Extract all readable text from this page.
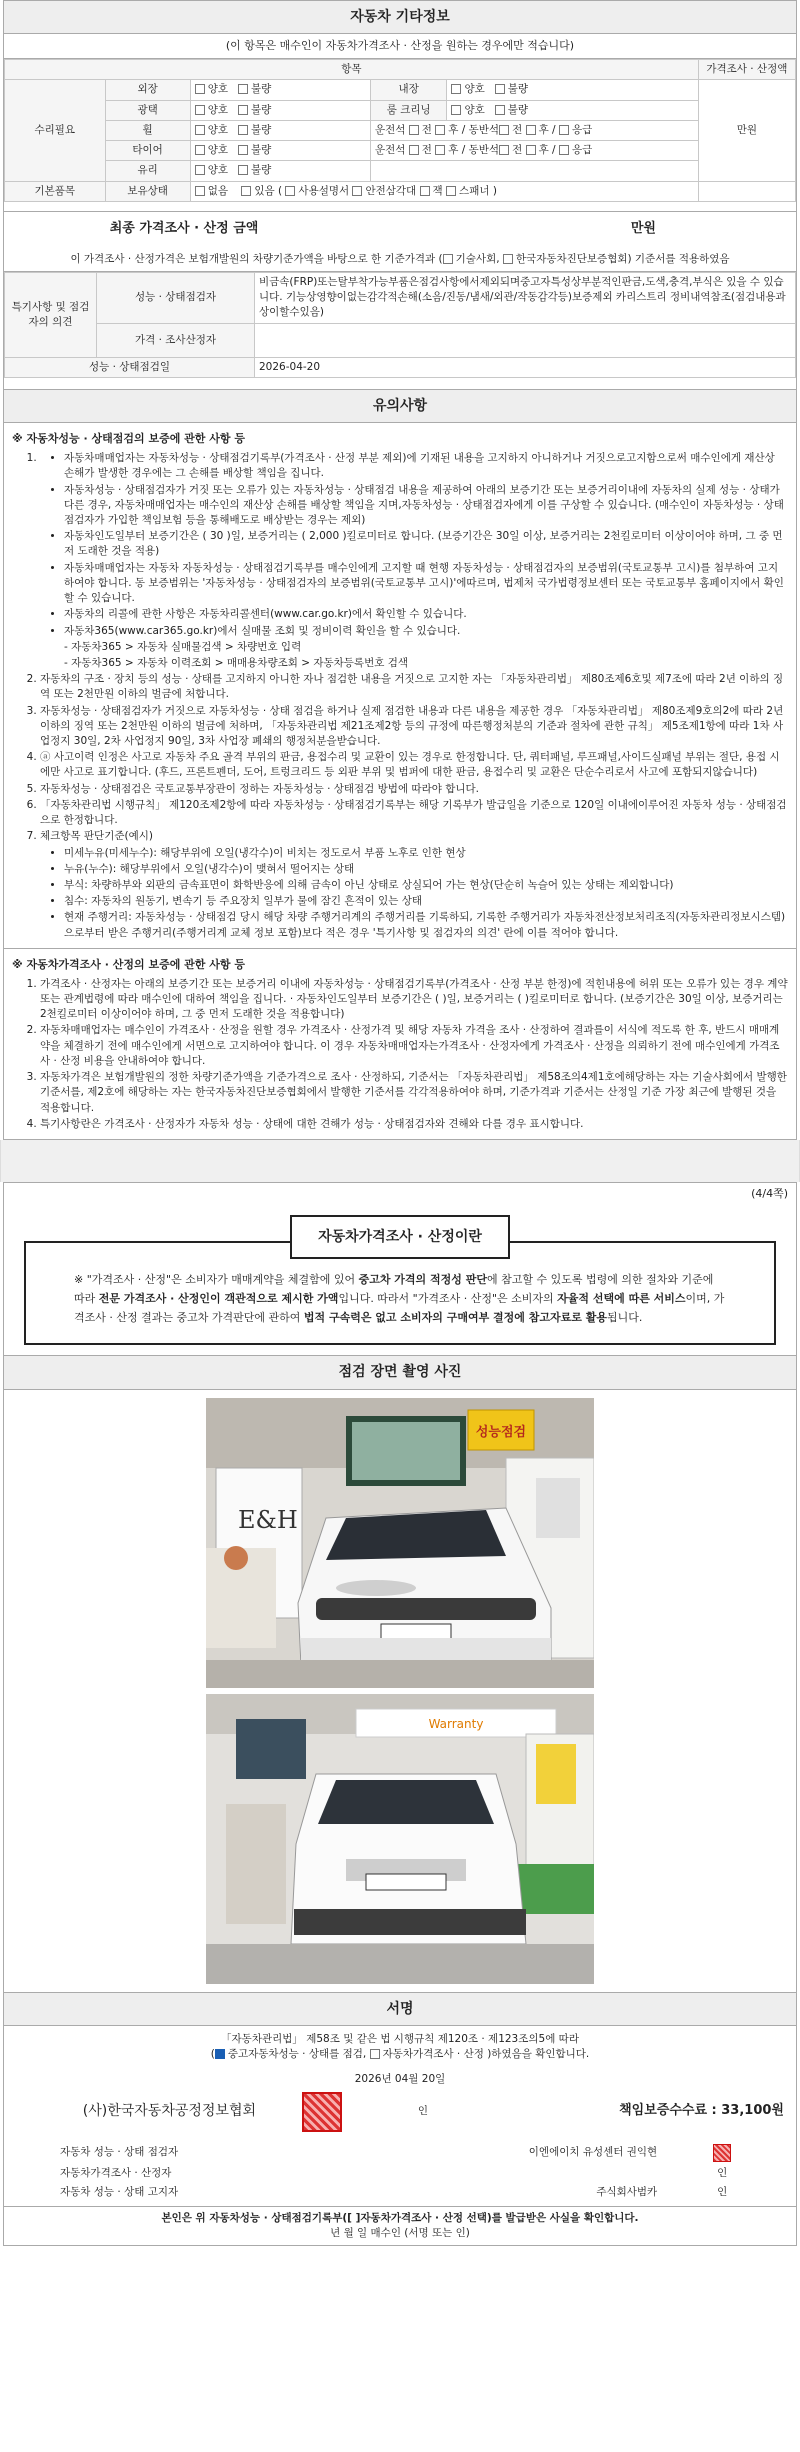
자동차 기타정보
(이 항목은 매수인이 자동차가격조사 · 산정을 원하는 경우에만 적습니다)
항목					가격조사 · 산정액
수리필요	외장	양호 불량	내장	양호 불량	만원
	광택	양호 불량	룸 크리닝	양호 불량	
	휠	양호 불량	운전석 전 후 / 동반석 전 후 / 응급		
	타이어	양호 불량	운전석 전 후 / 동반석 전 후 / 응급		
	유리	양호 불량			
기본품목	보유상태	없음 있음 ( 사용설명서 안전삼각대 잭 스패너 )			
최종 가격조사 · 산정 금액	만원
이 가격조사 · 산정가격은 보험개발원의 차량기준가액을 바탕으로 한 기준가격과 ( 기술사회, 한국자동차진단보증협회) 기준서를 적용하였음
특기사항 및 점검자의 의견	성능 · 상태점검자	비금속(FRP)또는탈부착가능부품은점검사항에서제외되며중고자특성상부분적인판금,도색,충격,부식은 있을 수 있습니다. 기능상영향이없는감각적손해(소음/진동/냄새/외관/작동감각등)보증제외 카리스트리 정비내역참조(점검내용과상이할수있음)
	가격 · 조사산정자	
성능 · 상태점검일		2026-04-20
유의사항
※ 자동차성능 · 상태점검의 보증에 관한 사항 등
• 1. 자동차매매업자는 자동차성능 · 상태점검기록부(가격조사 · 산정 부분 제외)에 기재된 내용을 고지하지 아니하거나 거짓으로고지함으로써 매수인에게 재산상 손해가 발생한 경우에는 그 손해를 배상할 책임을 집니다.
• 자동차성능 · 상태점검자가 거짓 또는 오류가 있는 자동차성능 · 상태점검 내용을 제공하여 아래의 보증기간 또는 보증거리이내에 자동차의 실제 성능 · 상태가 다른 경우, 자동차매매업자는 매수인의 재산상 손해를 배상할 책임을 지며,자동차성능 · 상태점검자에게 이를 구상할 수 있습니다. (매수인이 자동차성능 · 상태점검자가 가입한 책임보험 등을 통해배도로 배상받는 경우는 제외)
• 자동차인도일부터 보증기간은 ( 30 )일, 보증거리는 ( 2,000 )킬로미터로 합니다. (보증기간은 30일 이상, 보증거리는 2천킬로미터 이상이어야 하며, 그 중 먼저 도래한 것을 적용)
• 자동차매매업자는 자동차 자동차성능 · 상태점검기록부를 매수인에게 고지할 때 현행 자동차성능 · 상태점검자의 보증범위(국토교통부 고시)를 첨부하여 고지하여야 합니다. 동 보증범위는 '자동차성능 · 상태점검자의 보증범위(국토교통부 고시)'에따르며, 법제처 국가법령정보센터 또는 국토교통부 홈페이지에서 확인할 수 있습니다.
• 자동차의 리콜에 관한 사항은 자동차리콜센터(www.car.go.kr)에서 확인할 수 있습니다.
• 자동차365(www.car365.go.kr)에서 실매물 조회 및 정비이력 확인을 할 수 있습니다.
- 자동차365 > 자동차 실매물검색 > 차량번호 입력
- 자동차365 > 자동차 이력조회 > 매매용차량조회 > 자동차등록번호 검색
2. 자동차의 구조 · 장치 등의 성능 · 상태를 고지하지 아니한 자나 점검한 내용을 거짓으로 고지한 자는 「자동차관리법」 제80조제6호및 제7조에 따라 2년 이하의 징역 또는 2천만원 이하의 벌금에 처합니다.
3. 자동차성능 · 상태점검자가 거짓으로 자동차성능 · 상태 점검을 하거나 실제 점검한 내용과 다른 내용을 제공한 경우 「자동차관리법」 제80조제9호의2에 따라 2년 이하의 징역 또는 2천만원 이하의 벌금에 처하며, 「자동차관리법 제21조제2항 등의 규정에 따른행정처분의 기준과 절차에 관한 규칙」 제5조제1항에 따라 1차 사업정지 30일, 2차 사업정지 90일, 3차 사업장 폐쇄의 행정처분을받습니다.
4. ⓐ 사고이력 인정은 사고로 자동차 주요 골격 부위의 판금, 용접수리 및 교환이 있는 경우로 한정합니다. 단, 쿼터패널, 루프패널,사이드실패널 부위는 절단, 용접 시에만 사고로 표기합니다. (후드, 프론트펜더, 도어, 트렁크리드 등 외판 부위 및 범퍼에 대한 판금, 용접수리 및 교환은 단순수리로서 사고에 포함되지않습니다)
5. 자동차성능 · 상태점검은 국토교통부장관이 정하는 자동차성능 · 상태점검 방법에 따라야 합니다.
6. 「자동차관리법 시행규칙」 제120조제2항에 따라 자동차성능 · 상태점검기록부는 해당 기록부가 발급일을 기준으로 120일 이내에이루어진 자동차 성능 · 상태점검으로 한정합니다.
7. 체크항목 판단기준(예시)
• 미세누유(미세누수): 해당부위에 오일(냉각수)이 비치는 정도로서 부품 노후로 인한 현상
• 누유(누수): 해당부위에서 오일(냉각수)이 맺혀서 떨어지는 상태
• 부식: 차량하부와 외판의 금속표면이 화학반응에 의해 금속이 아닌 상태로 상실되어 가는 현상(단순히 녹슬어 있는 상태는 제외합니다)
• 침수: 자동차의 원동기, 변속기 등 주요장치 일부가 물에 잠긴 흔적이 있는 상태
• 현재 주행거리: 자동차성능 · 상태점검 당시 해당 차량 주행거리계의 주행거리를 기록하되, 기록한 주행거리가 자동차전산정보처리조직(자동차관리정보시스템)으로부터 받은 주행거리(주행거리계 교체 정보 포함)보다 적은 경우 '특기사항 및 점검자의 의견' 란에 이를 적어야 합니다.
※ 자동차가격조사 · 산정의 보증에 관한 사항 등
1. 가격조사 · 산정자는 아래의 보증기간 또는 보증거리 이내에 자동차성능 · 상태점검기록부(가격조사 · 산정 부분 한정)에 적힌내용에 허위 또는 오류가 있는 경우 계약 또는 관계법령에 따라 매수인에 대하여 책임을 집니다. · 자동차인도일부터 보증기간은 ( )일, 보증거리는 ( )킬로미터로 합니다. (보증기간은 30일 이상, 보증거리는 2천킬로미터 이상이어야 하며, 그 중 먼저 도래한 것을 적용합니다)
2. 자동차매매업자는 매수인이 가격조사 · 산정을 원할 경우 가격조사 · 산정가격 및 해당 자동차 가격을 조사 · 산정하여 결과를이 서식에 적도록 한 후, 반드시 매매계약을 체결하기 전에 매수인에게 서면으로 고지하여야 합니다. 이 경우 자동차매매업자는가격조사 · 산정자에게 가격조사 · 산정을 의뢰하기 전에 매수인에게 가격조사 · 산정 비용을 안내하여야 합니다.
3. 자동차가격은 보험개발원의 정한 차량기준가액을 기준가격으로 조사 · 산정하되, 기준서는 「자동차관리법」 제58조의4제1호에해당하는 자는 기술사회에서 발행한 기준서를, 제2호에 해당하는 자는 한국자동차진단보증협회에서 발행한 기준서를 각각적용하여야 하며, 기준가격과 기준서는 산정일 기준 가장 최근에 발행된 것을 적용합니다.
4. 특기사항란은 가격조사 · 산정자가 자동차 성능 · 상태에 대한 견해가 성능 · 상태점검자와 견해와 다를 경우 표시합니다.
(4/4쪽)
자동차가격조사 · 산정이란
※ "가격조사 · 산정"은 소비자가 매매계약을 체결함에 있어 중고차 가격의 적정성 판단에 참고할 수 있도록 법령에 의한 절차와 기준에 따라 전문 가격조사 · 산정인이 객관적으로 제시한 가액입니다. 따라서 "가격조사 · 산정"은 소비자의 자율적 선택에 따른 서비스이며, 가격조사 · 산정 결과는 중고차 가격판단에 관하여 법적 구속력은 없고 소비자의 구매여부 결정에 참고자료로 활용됩니다.
점검 장면 촬영 사진
성능점검
E&H
Warranty
서명
「자동차관리법」 제58조 및 같은 법 시행규칙 제120조 · 제123조의5에 따라
( 중고자동차성능 · 상태를 점검, 자동차가격조사 · 산정 )하였음을 확인합니다.
2026년 04월 20일
(사)한국자동차공정정보협회	인	책임보증수수료 : 33,100원
자동차 성능 · 상태 점검자	이엔에이치 유성센터 권익현	
자동차가격조사 · 산정자		인
자동차 성능 · 상태 고지자	주식회사범카	인
본인은 위 자동차성능 · 상태점검기록부([ ]자동차가격조사 · 산정 선택)를 발급받은 사실을 확인합니다.
년 월 일 매수인 (서명 또는 인)
